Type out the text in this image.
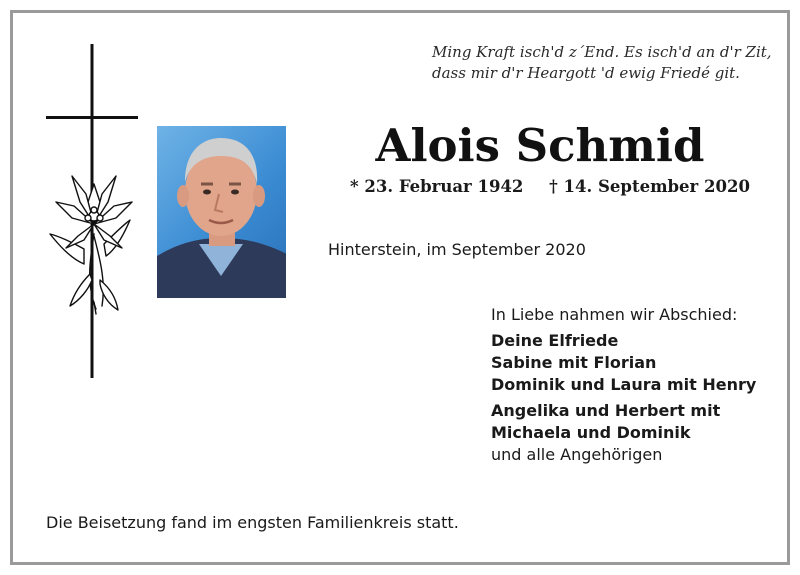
Ming Kraft isch'd z´End. Es isch'd an d'r Zit,
dass mir d'r Heargott 'd ewig Friedé git.
Alois Schmid
* 23. Februar 1942 † 14. September 2020
Hinterstein, im September 2020
In Liebe nahmen wir Abschied:
Deine Elfriede
Sabine mit Florian
Dominik und Laura mit Henry
Angelika und Herbert mit
Michaela und Dominik
und alle Angehörigen
Die Beisetzung fand im engsten Familienkreis statt.
